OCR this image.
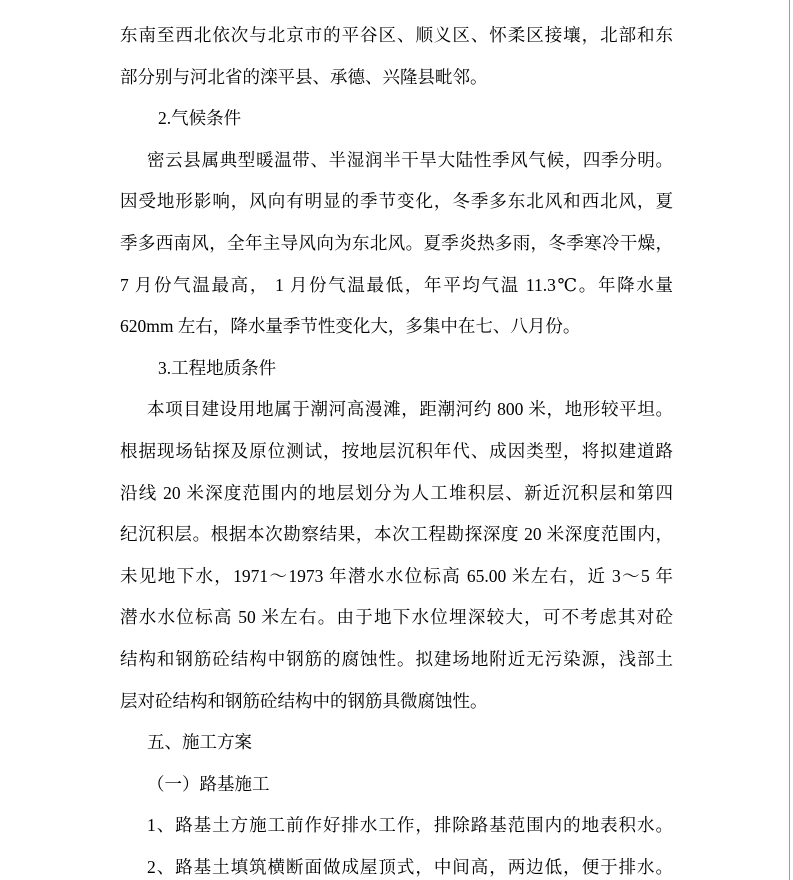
东南至西北依次与北京市的平谷区、顺义区、怀柔区接壤，北部和东
部分别与河北省的滦平县、承德、兴隆县毗邻。
2.气候条件
密云县属典型暖温带、半湿润半干旱大陆性季风气候，四季分明。
因受地形影响，风向有明显的季节变化，冬季多东北风和西北风，夏
季多西南风，全年主导风向为东北风。夏季炎热多雨，冬季寒冷干燥，
7 月份气温最高， 1 月份气温最低，年平均气温 11.3℃。年降水量
620mm 左右，降水量季节性变化大，多集中在七、八月份。
3.工程地质条件
本项目建设用地属于潮河高漫滩，距潮河约 800 米，地形较平坦。
根据现场钻探及原位测试，按地层沉积年代、成因类型，将拟建道路
沿线 20 米深度范围内的地层划分为人工堆积层、新近沉积层和第四
纪沉积层。根据本次勘察结果，本次工程勘探深度 20 米深度范围内，
未见地下水，1971～1973 年潜水水位标高 65.00 米左右，近 3～5 年
潜水水位标高 50 米左右。由于地下水位埋深较大，可不考虑其对砼
结构和钢筋砼结构中钢筋的腐蚀性。拟建场地附近无污染源，浅部土
层对砼结构和钢筋砼结构中的钢筋具微腐蚀性。
五、施工方案
（一）路基施工
1、路基土方施工前作好排水工作，排除路基范围内的地表积水。
2、路基土填筑横断面做成屋顶式，中间高，两边低，便于排水。
